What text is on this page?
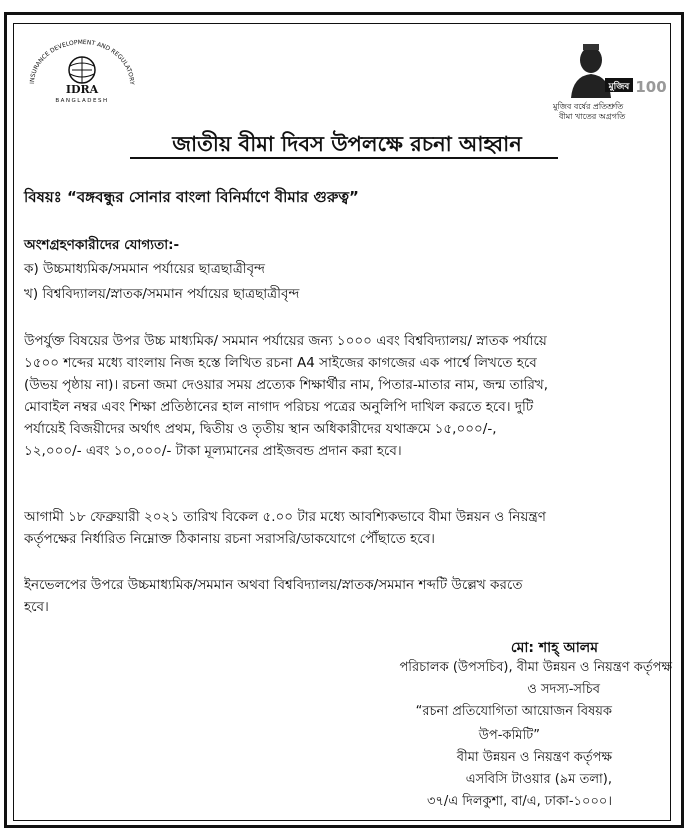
INSURANCE DEVELOPMENT AND REGULATORY
IDRA
BANGLADESH
মুজিব 100
মুজিব বর্ষের প্রতিশ্রুতি
বীমা খাতের অগ্রগতি
জাতীয় বীমা দিবস উপলক্ষে রচনা আহ্বান
বিষয়ঃ “বঙ্গবন্ধুর সোনার বাংলা বিনির্মাণে বীমার গুরুত্ব”
অংশগ্রহণকারীদের যোগ্যতা:-
ক) উচ্চমাধ্যমিক/সমমান পর্যায়ের ছাত্রছাত্রীবৃন্দ
খ) বিশ্ববিদ্যালয়/স্নাতক/সমমান পর্যায়ের ছাত্রছাত্রীবৃন্দ
উপর্যুক্ত বিষয়ের উপর উচ্চ মাধ্যমিক/ সমমান পর্যায়ের জন্য ১০০০ এবং বিশ্ববিদ্যালয়/ স্নাতক পর্যায়ে
১৫০০ শব্দের মধ্যে বাংলায় নিজ হস্তে লিখিত রচনা A4 সাইজের কাগজের এক পার্শ্বে লিখতে হবে
(উভয় পৃষ্ঠায় না)। রচনা জমা দেওয়ার সময় প্রত্যেক শিক্ষার্থীর নাম, পিতার-মাতার নাম, জন্ম তারিখ,
মোবাইল নম্বর এবং শিক্ষা প্রতিষ্ঠানের হাল নাগাদ পরিচয় পত্রের অনুলিপি দাখিল করতে হবে। দুটি
পর্যায়েই বিজয়ীদের অর্থাৎ প্রথম, দ্বিতীয় ও তৃতীয় স্থান অধিকারীদের যথাক্রমে ১৫,০০০/-,
১২,০০০/- এবং ১০,০০০/- টাকা মূল্যমানের প্রাইজবন্ড প্রদান করা হবে।
আগামী ১৮ ফেব্রুয়ারী ২০২১ তারিখ বিকেল ৫.০০ টার মধ্যে আবশ্যিকভাবে বীমা উন্নয়ন ও নিয়ন্ত্রণ
কর্তৃপক্ষের নির্ধারিত নিম্নোক্ত ঠিকানায় রচনা সরাসরি/ডাকযোগে পৌঁছাতে হবে।
ইনভেলপের উপরে উচ্চমাধ্যমিক/সমমান অথবা বিশ্ববিদ্যালয়/স্নাতক/সমমান শব্দটি উল্লেখ করতে
হবে।
মো: শাহ্ আলম
পরিচালক (উপসচিব), বীমা উন্নয়ন ও নিয়ন্ত্রণ কর্তৃপক্ষ
ও সদস্য-সচিব
“রচনা প্রতিযোগিতা আয়োজন বিষয়ক
উপ-কমিটি”
বীমা উন্নয়ন ও নিয়ন্ত্রণ কর্তৃপক্ষ
এসবিসি টাওয়ার (৯ম তলা),
৩৭/এ দিলকুশা, বা/এ, ঢাকা-১০০০।
